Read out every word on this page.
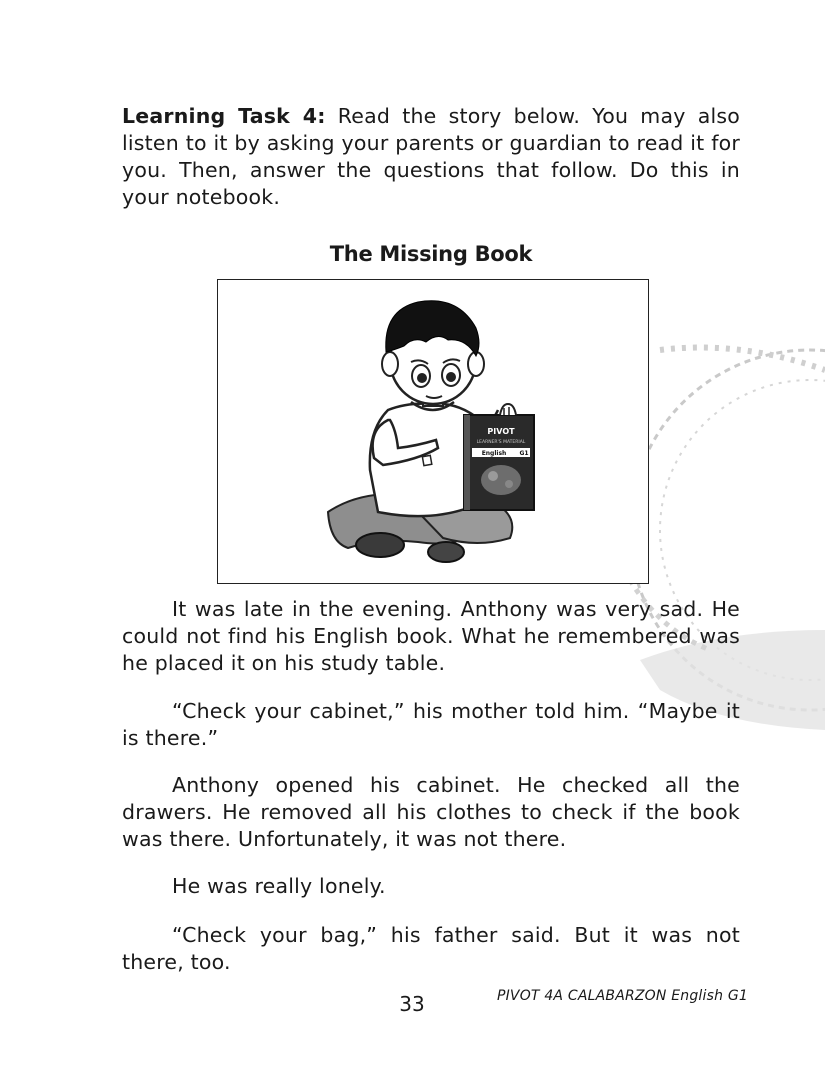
Learning Task 4: Read the story below. You may also listen to it by asking your parents or guardian to read it for you. Then, answer the questions that follow. Do this in your notebook.

The Missing Book
PIVOT
LEARNER'S MATERIAL
English G1

It was late in the evening. Anthony was very sad. He could not find his English book. What he remembered was he placed it on his study table.

“Check your cabinet,” his mother told him. “Maybe it is there.”

Anthony opened his cabinet. He checked all the drawers. He removed all his clothes to check if the book was there. Unfortunately, it was not there.

He was really lonely.

“Check your bag,” his father said. But it was not there, too.

PIVOT 4A CALABARZON English G1
33
